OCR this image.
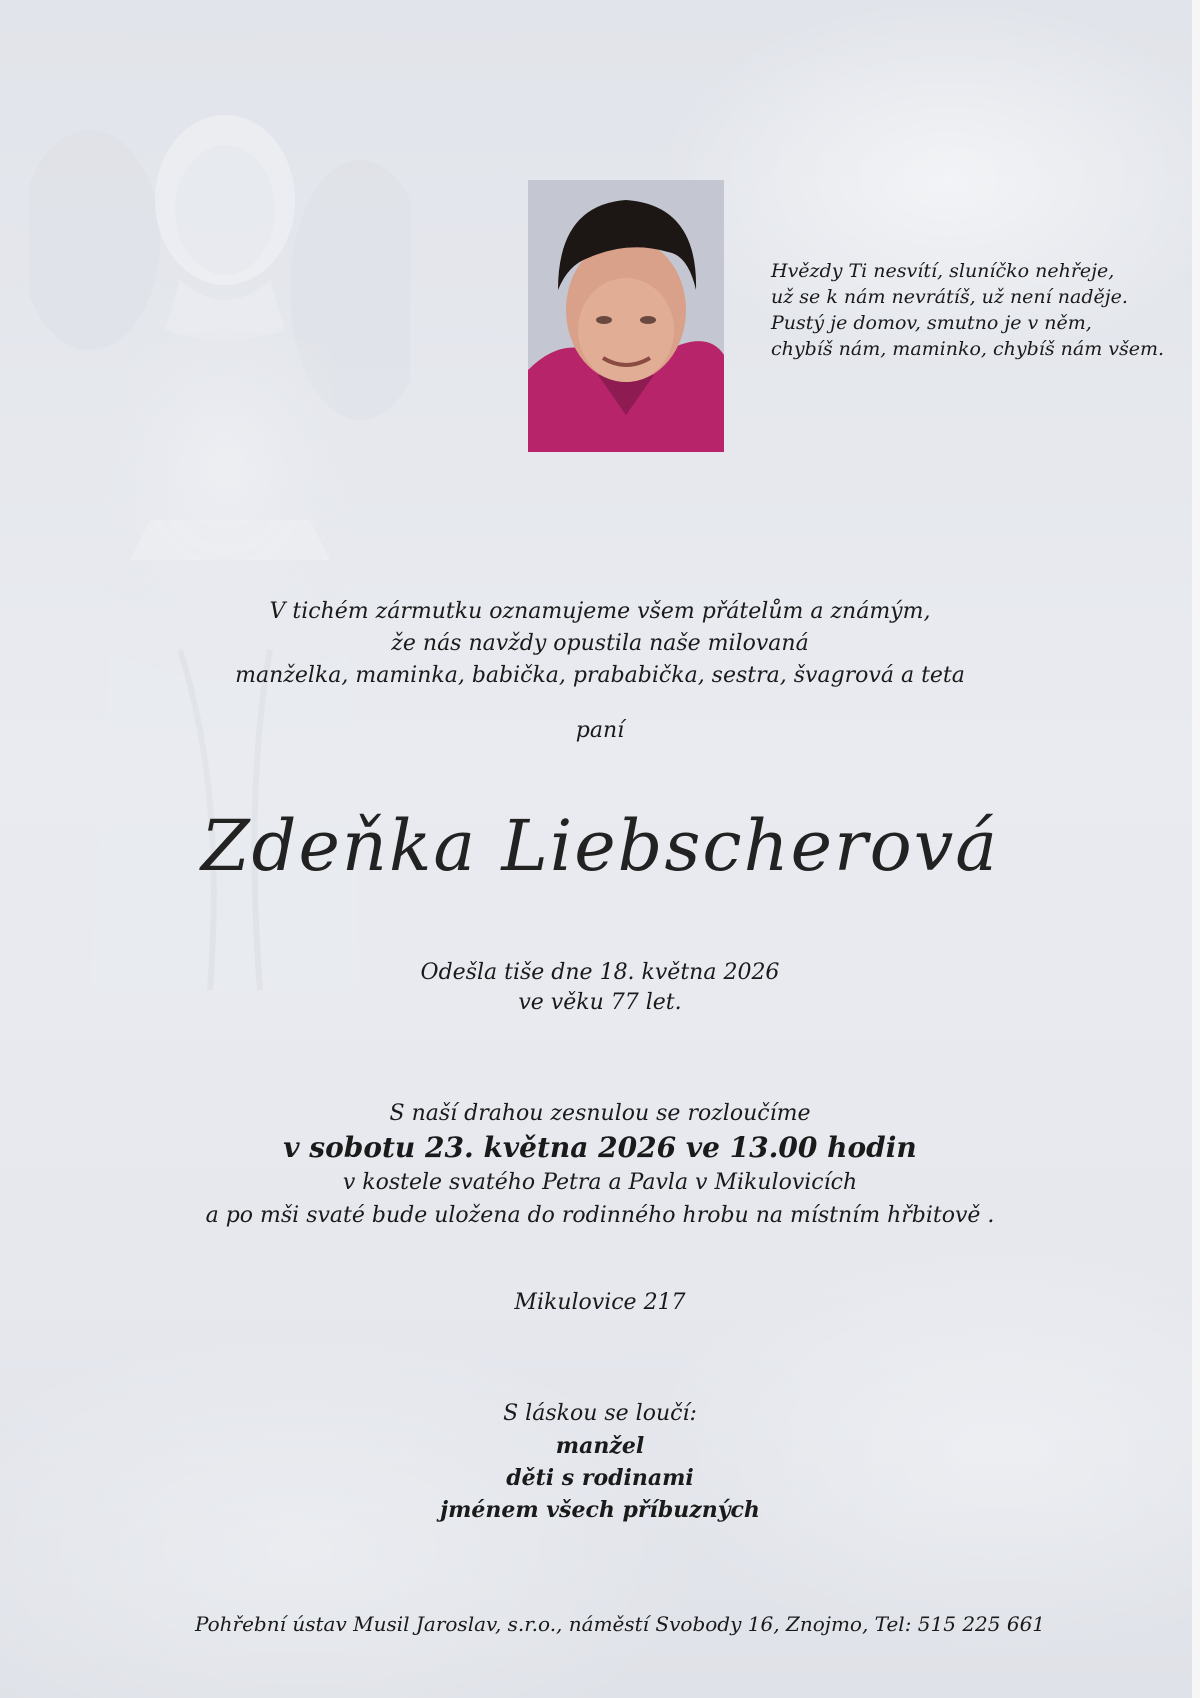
Hvězdy Ti nesvítí, sluníčko nehřeje,
už se k nám nevrátíš, už není naděje.
Pustý je domov, smutno je v něm,
chybíš nám, maminko, chybíš nám všem.
V tichém zármutku oznamujeme všem přátelům a známým,
že nás navždy opustila naše milovaná
manželka, maminka, babička, prababička, sestra, švagrová a teta
paní
Zdeňka Liebscherová
Odešla tiše dne 18. května 2026
ve věku 77 let.
S naší drahou zesnulou se rozloučíme
v sobotu 23. května 2026 ve 13.00 hodin
v kostele svatého Petra a Pavla v Mikulovicích
a po mši svaté bude uložena do rodinného hrobu na místním hřbitově .
Mikulovice 217
S láskou se loučí:
manžel
děti s rodinami
jménem všech příbuzných
Pohřební ústav Musil Jaroslav, s.r.o., náměstí Svobody 16, Znojmo, Tel: 515 225 661
